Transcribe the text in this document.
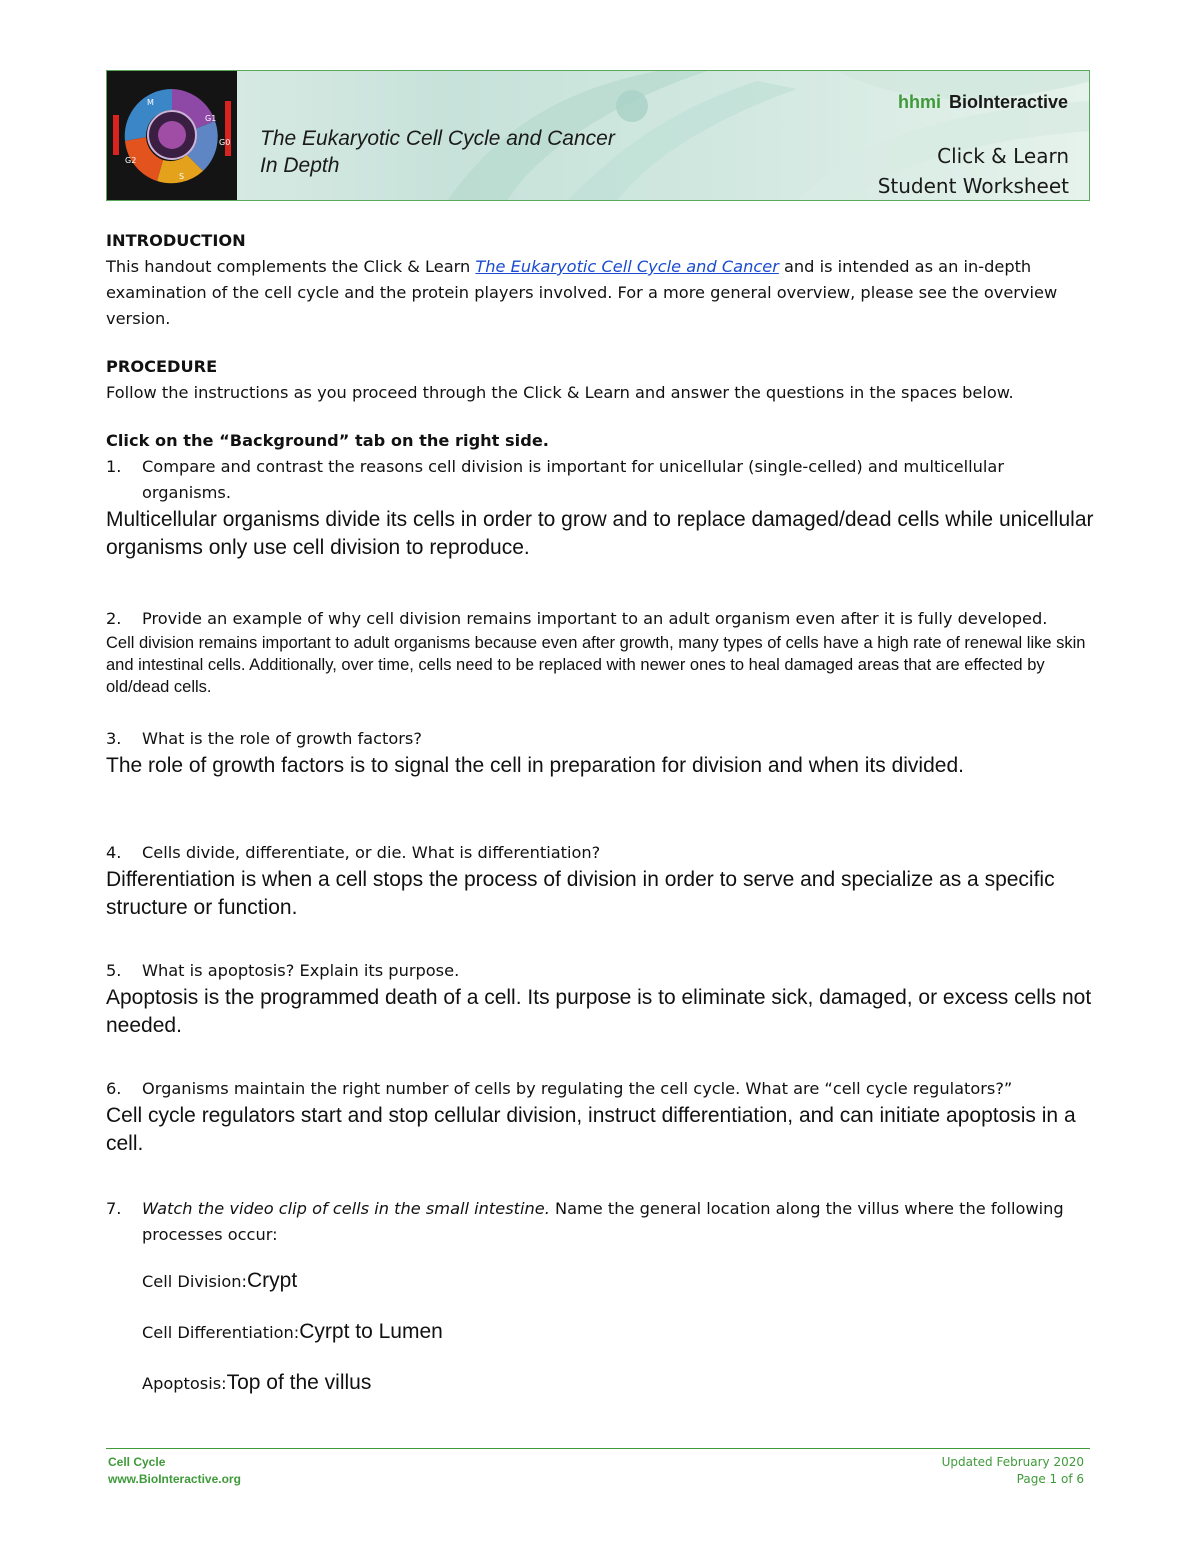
M
G1
G0
S
G2
The Eukaryotic Cell Cycle and Cancer
In Depth
hhmi BioInteractive
Click & Learn
Student Worksheet
INTRODUCTION

This handout complements the Click & Learn The Eukaryotic Cell Cycle and Cancer and is intended as an in-depth examination of the cell cycle and the protein players involved. For a more general overview, please see the overview version.

PROCEDURE

Follow the instructions as you proceed through the Click & Learn and answer the questions in the spaces below.

Click on the “Background” tab on the right side.

1.	Compare and contrast the reasons cell division is important for unicellular (single-celled) and multicellular organisms.

Multicellular organisms divide its cells in order to grow and to replace damaged/dead cells while unicellular organisms only use cell division to reproduce.

2.	Provide an example of why cell division remains important to an adult organism even after it is fully developed.

Cell division remains important to adult organisms because even after growth, many types of cells have a high rate of renewal like skin and intestinal cells. Additionally, over time, cells need to be replaced with newer ones to heal damaged areas that are effected by old/dead cells.

3.	What is the role of growth factors?

The role of growth factors is to signal the cell in preparation for division and when its divided.

4.	Cells divide, differentiate, or die. What is differentiation?

Differentiation is when a cell stops the process of division in order to serve and specialize as a specific structure or function.

5.	What is apoptosis? Explain its purpose.

Apoptosis is the programmed death of a cell. Its purpose is to eliminate sick, damaged, or excess cells not needed.

6.	Organisms maintain the right number of cells by regulating the cell cycle. What are “cell cycle regulators?”

Cell cycle regulators start and stop cellular division, instruct differentiation, and can initiate apoptosis in a cell.

7.	Watch the video clip of cells in the small intestine. Name the general location along the villus where the following processes occur:
Cell Division:Crypt
Cell Differentiation:Cyrpt to Lumen
Apoptosis:Top of the villus
Cell Cycle
www.BioInteractive.org
Updated February 2020
Page 1 of 6
